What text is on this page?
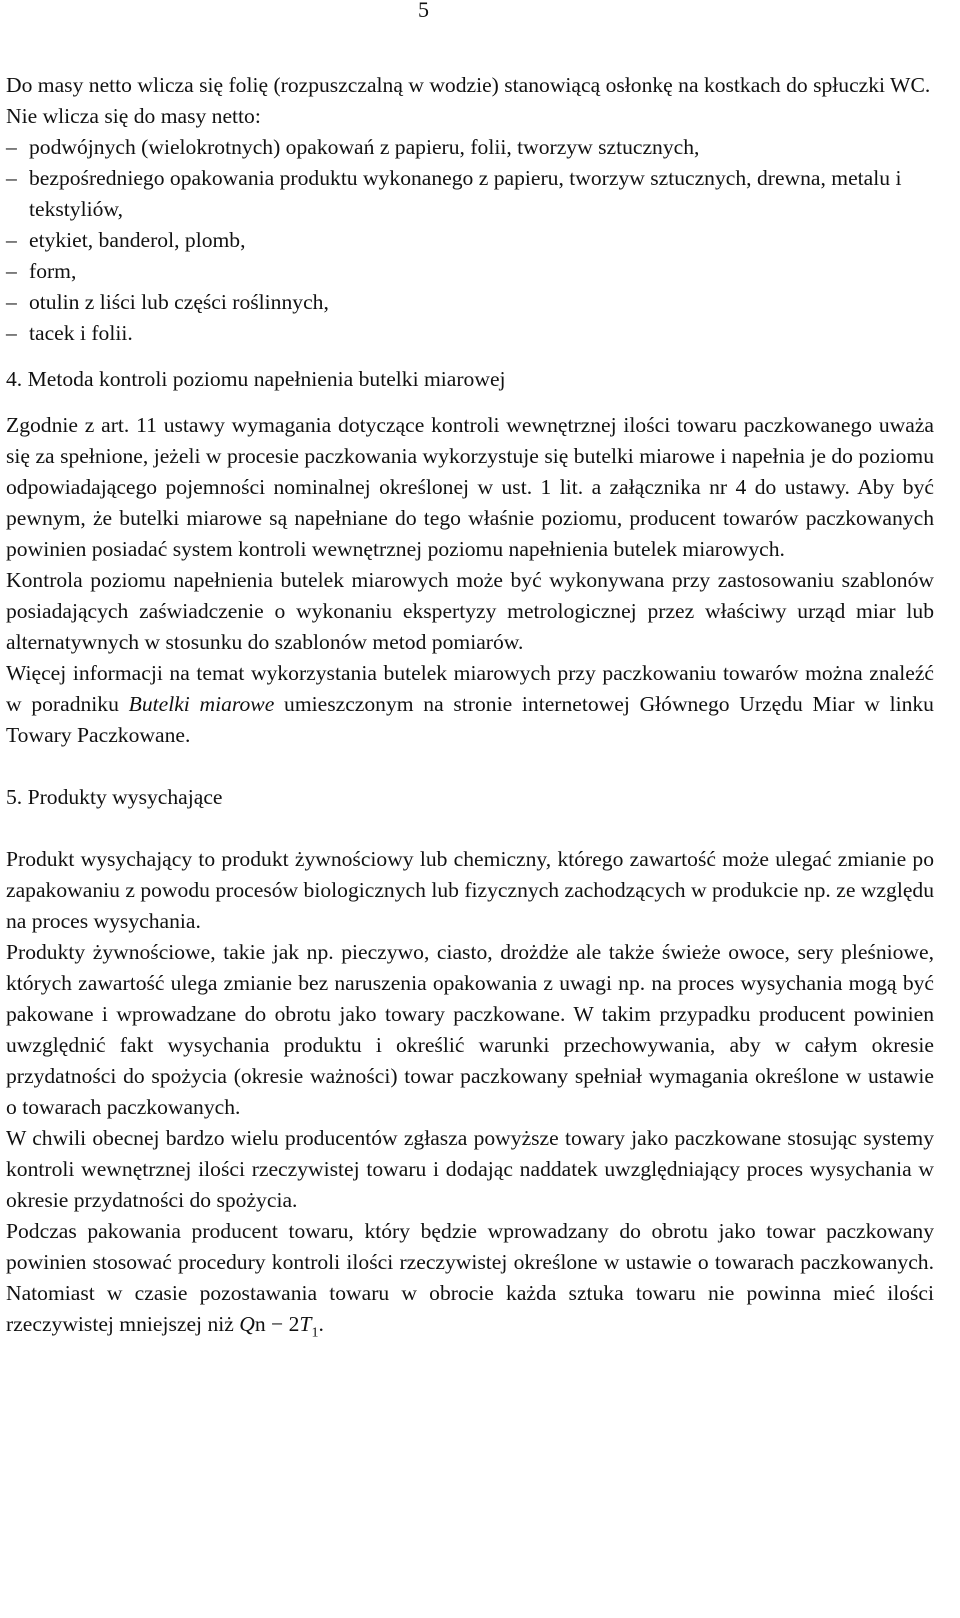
5

Do masy netto wlicza się folię (rozpuszczalną w wodzie) stanowiącą osłonkę na kostkach do spłuczki WC.

Nie wlicza się do masy netto:

– podwójnych (wielokrotnych) opakowań z papieru, folii, tworzyw sztucznych,
– bezpośredniego opakowania produktu wykonanego z papieru, tworzyw sztucznych, drewna, metalu i tekstyliów,
– etykiet, banderol, plomb,
– form,
– otulin z liści lub części roślinnych,
– tacek i folii.

4. Metoda kontroli poziomu napełnienia butelki miarowej

Zgodnie z art. 11 ustawy wymagania dotyczące kontroli wewnętrznej ilości towaru paczkowanego uważa się za spełnione, jeżeli w procesie paczkowania wykorzystuje się butelki miarowe i napełnia je do poziomu odpowiadającego pojemności nominalnej określonej w ust. 1 lit. a załącznika nr 4 do ustawy. Aby być pewnym, że butelki miarowe są napełniane do tego właśnie poziomu, producent towarów paczkowanych powinien posiadać system kontroli wewnętrznej poziomu napełnienia butelek miarowych.

Kontrola poziomu napełnienia butelek miarowych może być wykonywana przy zastosowaniu szablonów posiadających zaświadczenie o wykonaniu ekspertyzy metrologicznej przez właściwy urząd miar lub alternatywnych w stosunku do szablonów metod pomiarów.

Więcej informacji na temat wykorzystania butelek miarowych przy paczkowaniu towarów można znaleźć w poradniku Butelki miarowe umieszczonym na stronie internetowej Głównego Urzędu Miar w linku Towary Paczkowane.

5. Produkty wysychające

Produkt wysychający to produkt żywnościowy lub chemiczny, którego zawartość może ulegać zmianie po zapakowaniu z powodu procesów biologicznych lub fizycznych zachodzących w produkcie np. ze względu na proces wysychania.

Produkty żywnościowe, takie jak np. pieczywo, ciasto, drożdże ale także świeże owoce, sery pleśniowe, których zawartość ulega zmianie bez naruszenia opakowania z uwagi np. na proces wysychania mogą być pakowane i wprowadzane do obrotu jako towary paczkowane. W takim przypadku producent powinien uwzględnić fakt wysychania produktu i określić warunki przechowywania, aby w całym okresie przydatności do spożycia (okresie ważności) towar paczkowany spełniał wymagania określone w ustawie o towarach paczkowanych.

W chwili obecnej bardzo wielu producentów zgłasza powyższe towary jako paczkowane stosując systemy kontroli wewnętrznej ilości rzeczywistej towaru i dodając naddatek uwzględniający proces wysychania w okresie przydatności do spożycia.

Podczas pakowania producent towaru, który będzie wprowadzany do obrotu jako towar paczkowany powinien stosować procedury kontroli ilości rzeczywistej określone w ustawie o towarach paczkowanych. Natomiast w czasie pozostawania towaru w obrocie każda sztuka towaru nie powinna mieć ilości rzeczywistej mniejszej niż $Qn - 2T_1$.
